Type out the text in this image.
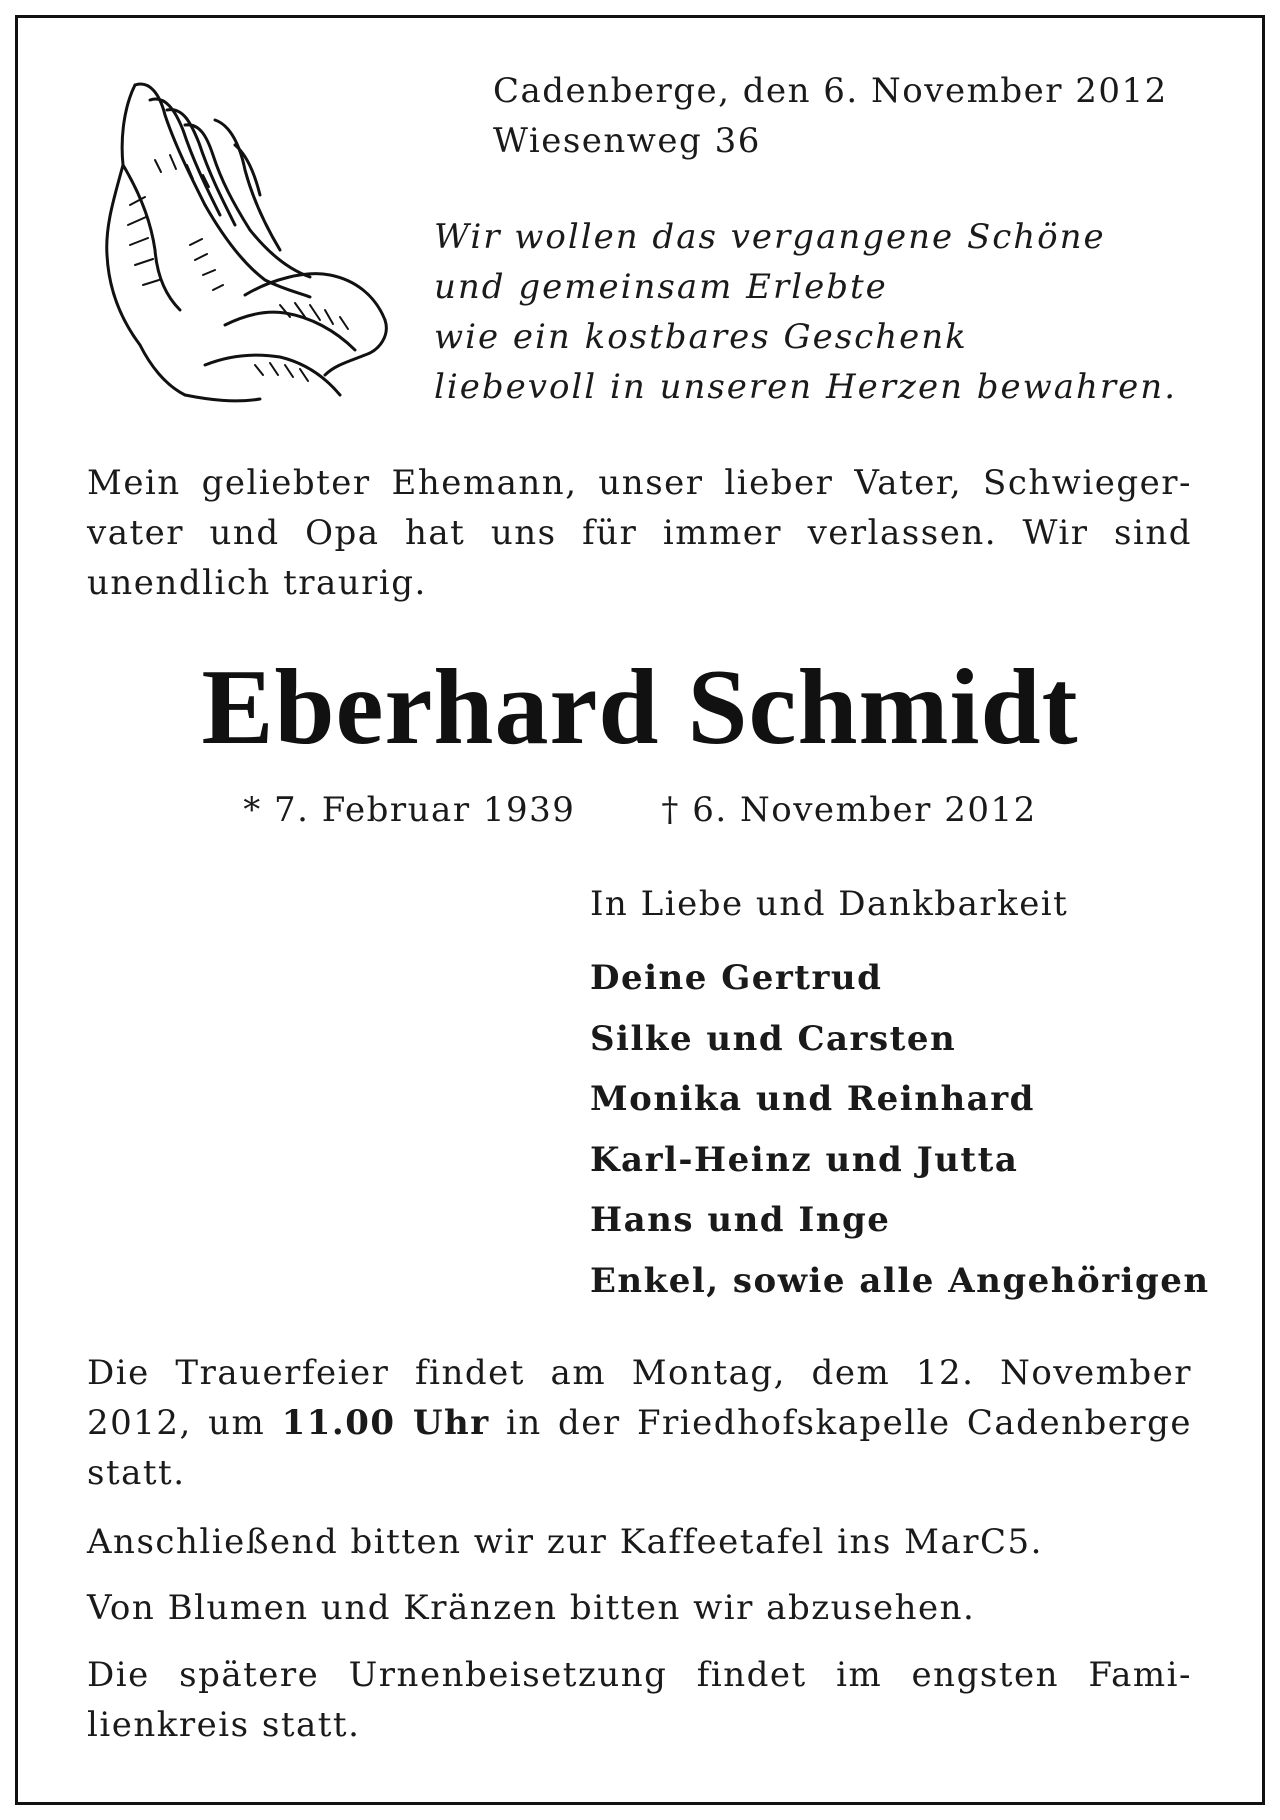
Cadenberge, den 6. November 2012
Wiesenweg 36
Wir wollen das vergangene Schöne
und gemeinsam Erlebte
wie ein kostbares Geschenk
liebevoll in unseren Herzen bewahren.
Mein geliebter Ehemann, unser lieber Vater, Schwieger-
vater und Opa hat uns für immer verlassen. Wir sind
unendlich traurig.
Eberhard Schmidt
* 7. Februar 1939	† 6. November 2012
In Liebe und Dankbarkeit
Deine Gertrud
Silke und Carsten
Monika und Reinhard
Karl-Heinz und Jutta
Hans und Inge
Enkel, sowie alle Angehörigen
Die Trauerfeier findet am Montag, dem 12. November 2012, um 11.00 Uhr in der Friedhofskapelle Cadenberge statt.
Anschließend bitten wir zur Kaffeetafel ins MarC5.
Von Blumen und Kränzen bitten wir abzusehen.
Die spätere Urnenbeisetzung findet im engsten Fami-
lienkreis statt.
